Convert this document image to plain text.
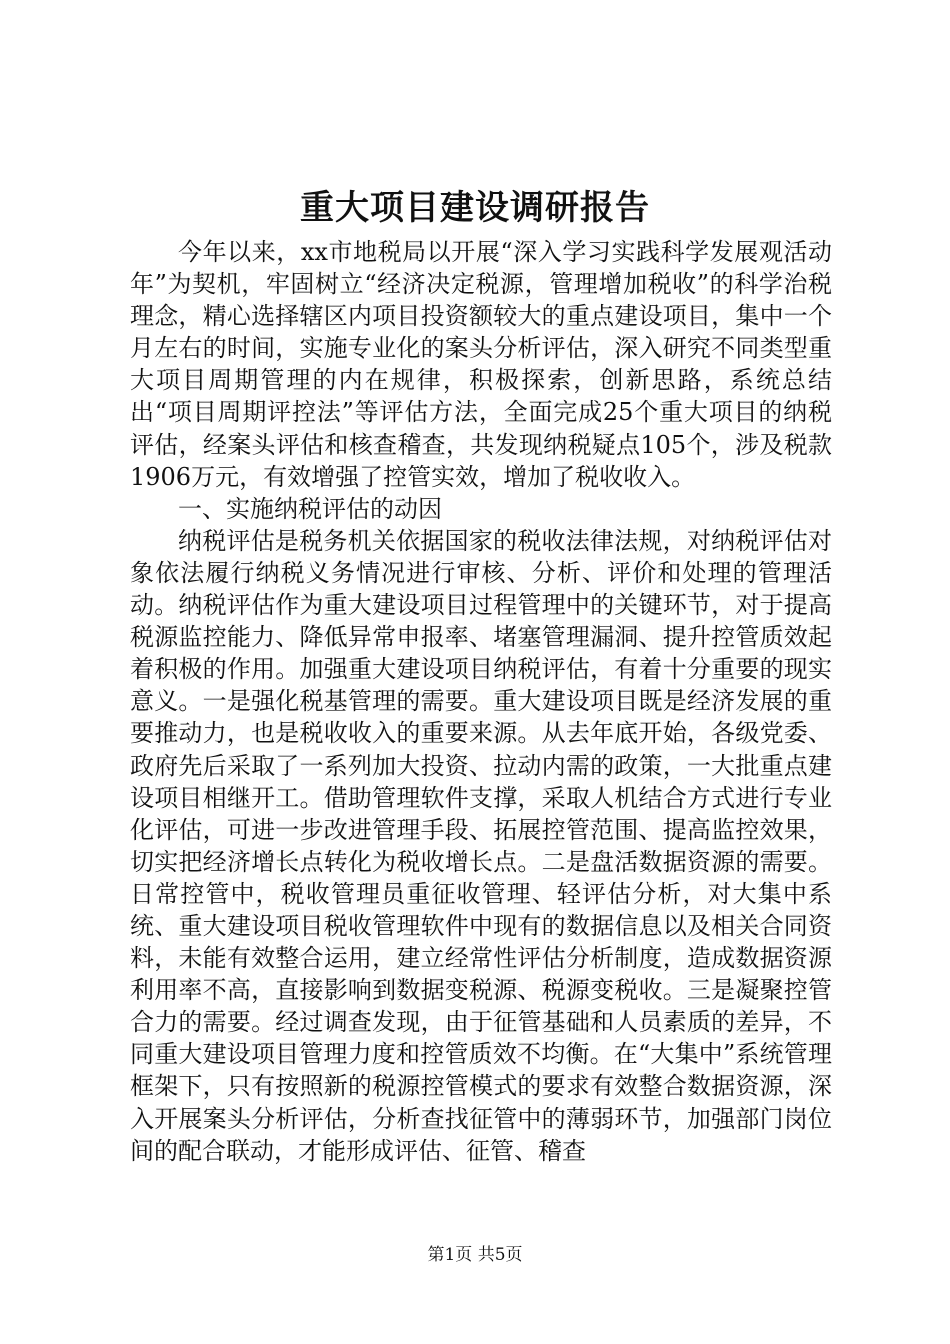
重大项目建设调研报告

今年以来，xx市地税局以开展“深入学习实践科学发展观活动年”为契机，牢固树立“经济决定税源，管理增加税收”的科学治税理念，精心选择辖区内项目投资额较大的重点建设项目，集中一个月左右的时间，实施专业化的案头分析评估，深入研究不同类型重大项目周期管理的内在规律，积极探索，创新思路，系统总结出“项目周期评控法”等评估方法，全面完成25个重大项目的纳税评估，经案头评估和核查稽查，共发现纳税疑点105个，涉及税款1906万元，有效增强了控管实效，增加了税收收入。

一、实施纳税评估的动因

纳税评估是税务机关依据国家的税收法律法规，对纳税评估对象依法履行纳税义务情况进行审核、分析、评价和处理的管理活动。纳税评估作为重大建设项目过程管理中的关键环节，对于提高税源监控能力、降低异常申报率、堵塞管理漏洞、提升控管质效起着积极的作用。加强重大建设项目纳税评估，有着十分重要的现实意义。一是强化税基管理的需要。重大建设项目既是经济发展的重要推动力，也是税收收入的重要来源。从去年底开始，各级党委、政府先后采取了一系列加大投资、拉动内需的政策，一大批重点建设项目相继开工。借助管理软件支撑，采取人机结合方式进行专业化评估，可进一步改进管理手段、拓展控管范围、提高监控效果，切实把经济增长点转化为税收增长点。二是盘活数据资源的需要。日常控管中，税收管理员重征收管理、轻评估分析，对大集中系统、重大建设项目税收管理软件中现有的数据信息以及相关合同资料，未能有效整合运用，建立经常性评估分析制度，造成数据资源利用率不高，直接影响到数据变税源、税源变税收。三是凝聚控管合力的需要。经过调查发现，由于征管基础和人员素质的差异，不同重大建设项目管理力度和控管质效不均衡。在“大集中”系统管理框架下，只有按照新的税源控管模式的要求有效整合数据资源，深入开展案头分析评估，分析查找征管中的薄弱环节，加强部门岗位间的配合联动，才能形成评估、征管、稽查

第1页 共5页
